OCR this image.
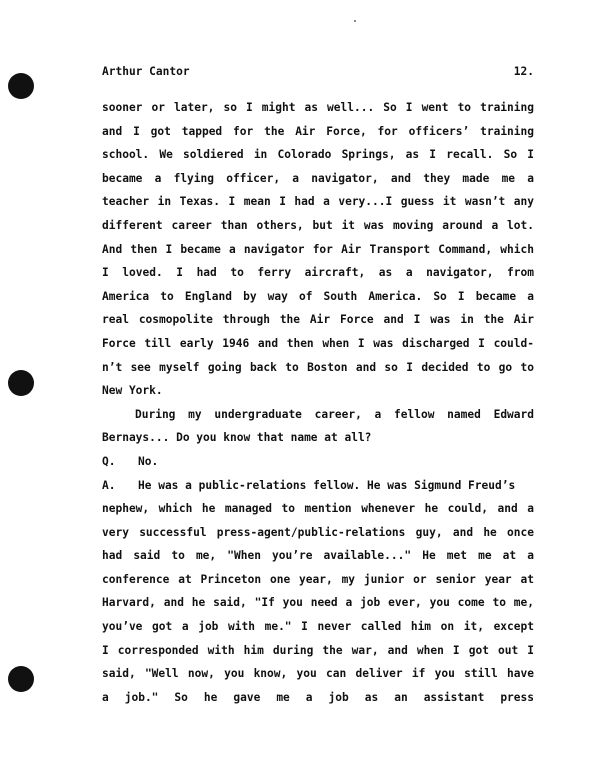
Arthur Cantor	12.
sooner or later, so I might as well... So I went to training
and I got tapped for the Air Force, for officers’ training
school. We soldiered in Colorado Springs, as I recall. So I
became a flying officer, a navigator, and they made me a
teacher in Texas. I mean I had a very...I guess it wasn’t any
different career than others, but it was moving around a lot.
And then I became a navigator for Air Transport Command, which
I loved. I had to ferry aircraft, as a navigator, from
America to England by way of South America. So I became a
real cosmopolite through the Air Force and I was in the Air
Force till early 1946 and then when I was discharged I could-
n’t see myself going back to Boston and so I decided to go to
New York.
During my undergraduate career, a fellow named Edward
Bernays... Do you know that name at all?
Q. No.
A. He was a public-relations fellow. He was Sigmund Freud’s
nephew, which he managed to mention whenever he could, and a
very successful press-agent/public-relations guy, and he once
had said to me, "When you’re available..." He met me at a
conference at Princeton one year, my junior or senior year at
Harvard, and he said, "If you need a job ever, you come to me,
you’ve got a job with me." I never called him on it, except
I corresponded with him during the war, and when I got out I
said, "Well now, you know, you can deliver if you still have
a job." So he gave me a job as an assistant press
